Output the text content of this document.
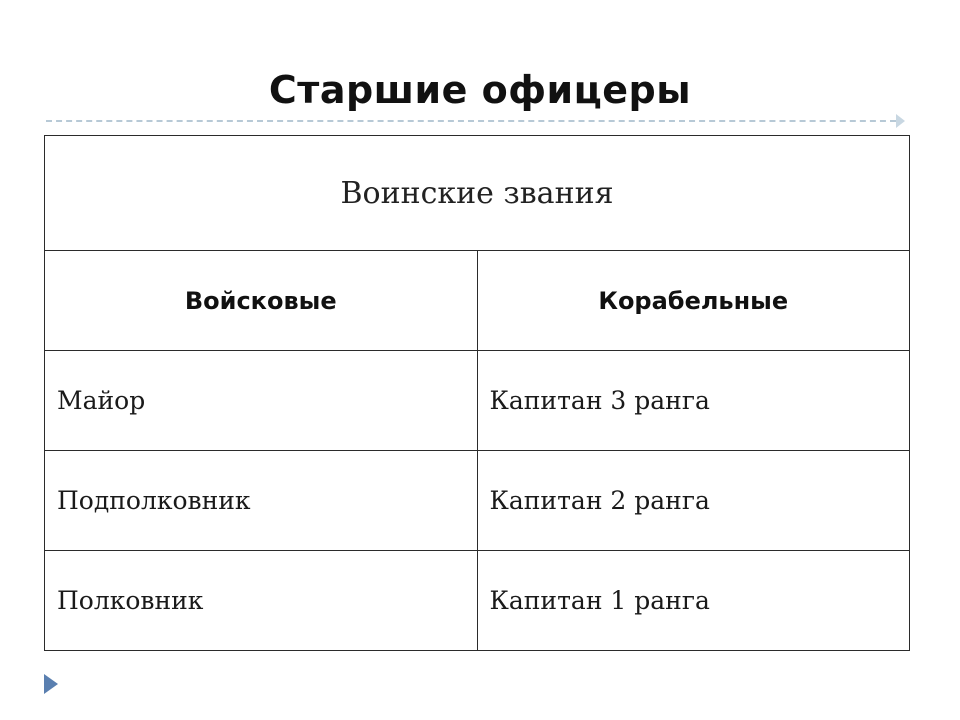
Старшие офицеры
Воинские звания	
Войсковые	Корабельные
Майор	Капитан 3 ранга
Подполковник	Капитан 2 ранга
Полковник	Капитан 1 ранга
